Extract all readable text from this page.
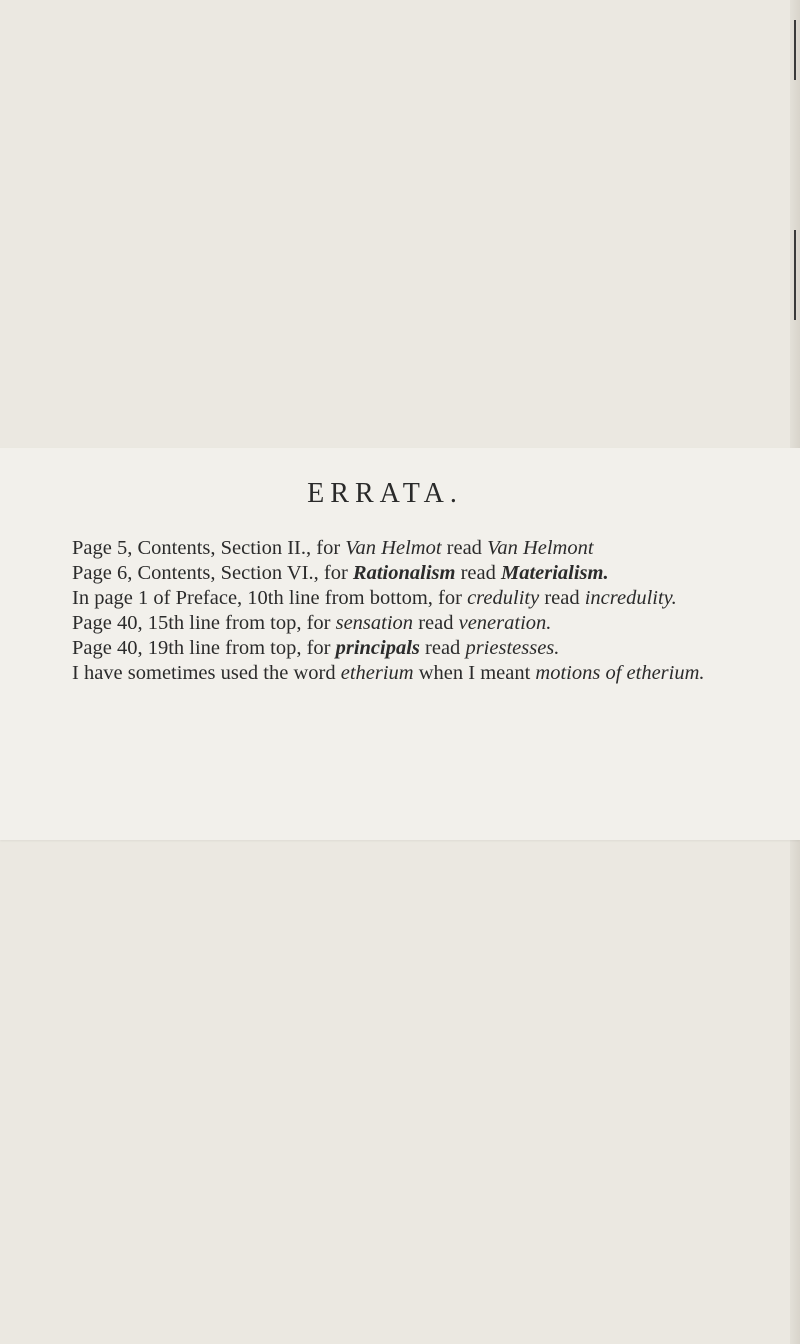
ERRATA.

Page 5, Contents, Section II., for Van Helmot read Van Helmont

Page 6, Contents, Section VI., for Rationalism read Materialism.

In page 1 of Preface, 10th line from bottom, for credulity read incredulity.

Page 40, 15th line from top, for sensation read veneration.

Page 40, 19th line from top, for principals read priestesses.

I have sometimes used the word etherium when I meant motions of etherium.
